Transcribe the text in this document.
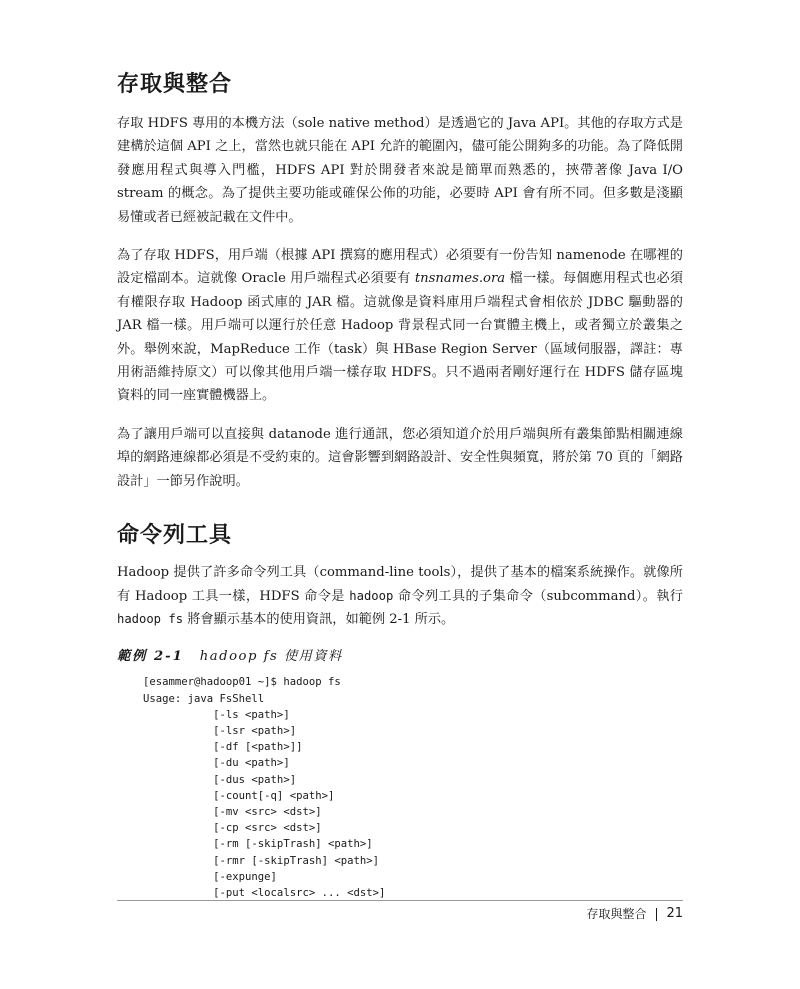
存取與整合

存取 HDFS 專用的本機方法（sole native method）是透過它的 Java API。其他的存取方式是建構於這個 API 之上，當然也就只能在 API 允許的範圍內，儘可能公開夠多的功能。為了降低開發應用程式與導入門檻，HDFS API 對於開發者來說是簡單而熟悉的，挾帶著像 Java I/O stream 的概念。為了提供主要功能或確保公佈的功能，必要時 API 會有所不同。但多數是淺顯易懂或者已經被記載在文件中。

為了存取 HDFS，用戶端（根據 API 撰寫的應用程式）必須要有一份告知 namenode 在哪裡的設定檔副本。這就像 Oracle 用戶端程式必須要有 tnsnames.ora 檔一樣。每個應用程式也必須有權限存取 Hadoop 函式庫的 JAR 檔。這就像是資料庫用戶端程式會相依於 JDBC 驅動器的 JAR 檔一樣。用戶端可以運行於任意 Hadoop 背景程式同一台實體主機上，或者獨立於叢集之外。舉例來說，MapReduce 工作（task）與 HBase Region Server（區域伺服器，譯註：專用術語維持原文）可以像其他用戶端一樣存取 HDFS。只不過兩者剛好運行在 HDFS 儲存區塊資料的同一座實體機器上。

為了讓用戶端可以直接與 datanode 進行通訊，您必須知道介於用戶端與所有叢集節點相關連線埠的網路連線都必須是不受約束的。這會影響到網路設計、安全性與頻寬，將於第 70 頁的「網路設計」一節另作說明。

命令列工具

Hadoop 提供了許多命令列工具（command-line tools），提供了基本的檔案系統操作。就像所有 Hadoop 工具一樣，HDFS 命令是 hadoop 命令列工具的子集命令（subcommand）。執行 hadoop fs 將會顯示基本的使用資訊，如範例 2-1 所示。

範例 2-1 hadoop fs 使用資料
[esammer@hadoop01 ~]$ hadoop fs
Usage: java FsShell
[-ls <path>]
[-lsr <path>]
[-df [<path>]]
[-du <path>]
[-dus <path>]
[-count[-q] <path>]
[-mv <src> <dst>]
[-cp <src> <dst>]
[-rm [-skipTrash] <path>]
[-rmr [-skipTrash] <path>]
[-expunge]
[-put <localsrc> ... <dst>]
存取與整合 21
